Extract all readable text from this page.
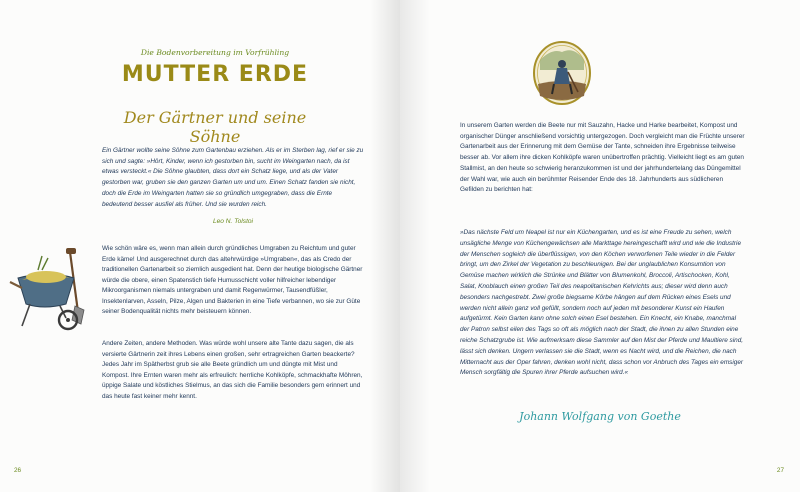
Die Bodenvorbereitung im Vorfrühling
MUTTER ERDE
Der Gärtner und seine Söhne

Ein Gärtner wollte seine Söhne zum Gartenbau erziehen. Als er im Sterben lag, rief er sie zu sich und sagte: »Hört, Kinder, wenn ich gestorben bin, sucht im Weingarten nach, da ist etwas versteckt.« Die Söhne glaubten, dass dort ein Schatz liege, und als der Vater gestorben war, gruben sie den ganzen Garten um und um. Einen Schatz fanden sie nicht, doch die Erde im Weingarten hatten sie so gründlich umgegraben, dass die Ernte bedeutend besser ausfiel als früher. Und sie wurden reich.

Leo N. Tolstoi

Wie schön wäre es, wenn man allein durch gründliches Umgraben zu Reichtum und guter Erde käme! Und ausgerechnet durch das altehrwürdige »Umgraben«, das als Credo der traditionellen Gartenarbeit so ziemlich ausgedient hat. Denn der heutige biologische Gärtner würde die obere, einen Spatenstich tiefe Humusschicht voller hilfreicher lebendiger Mikroorganismen niemals untergraben und damit Regenwürmer, Tausendfüßler, Insektenlarven, Asseln, Pilze, Algen und Bakterien in eine Tiefe verbannen, wo sie zur Güte seiner Bodenqualität nichts mehr beisteuern können.

Andere Zeiten, andere Methoden. Was würde wohl unsere alte Tante dazu sagen, die als versierte Gärtnerin zeit ihres Lebens einen großen, sehr ertragreichen Garten beackerte? Jedes Jahr im Spätherbst grub sie alle Beete gründlich um und düngte mit Mist und Kompost. Ihre Ernten waren mehr als erfreulich: herrliche Kohlköpfe, schmackhafte Möhren, üppige Salate und köstliches Stielmus, an das sich die Familie besonders gern erinnert und das heute fast keiner mehr kennt.

26

In unserem Garten werden die Beete nur mit Sauzahn, Hacke und Harke bearbeitet, Kompost und organischer Dünger anschließend vorsichtig untergezogen. Doch vergleicht man die Früchte unserer Gartenarbeit aus der Erinnerung mit dem Gemüse der Tante, schneiden ihre Ergebnisse teilweise besser ab. Vor allem ihre dicken Kohlköpfe waren unübertroffen prächtig. Vielleicht liegt es am guten Stallmist, an den heute so schwierig heranzukommen ist und der jahrhundertelang das Düngemittel der Wahl war, wie auch ein berühmter Reisender Ende des 18. Jahrhunderts aus südlicheren Gefilden zu berichten hat:

»Das nächste Feld um Neapel ist nur ein Küchengarten, und es ist eine Freude zu sehen, welch unsägliche Menge von Küchengewächsen alle Markttage hereingeschafft wird und wie die Industrie der Menschen sogleich die überflüssigen, von den Köchen verworfenen Teile wieder in die Felder bringt, um den Zirkel der Vegetation zu beschleunigen. Bei der unglaublichen Konsumtion von Gemüse machen wirklich die Strünke und Blätter von Blumenkohl, Broccoli, Artischocken, Kohl, Salat, Knoblauch einen großen Teil des neapolitanischen Kehrichts aus; dieser wird denn auch besonders nachgestrebt. Zwei große biegsame Körbe hängen auf dem Rücken eines Esels und werden nicht allein ganz voll gefüllt, sondern noch auf jeden mit besonderer Kunst ein Haufen aufgetürmt. Kein Garten kann ohne solch einen Esel bestehen. Ein Knecht, ein Knabe, manchmal der Patron selbst eilen des Tags so oft als möglich nach der Stadt, die ihnen zu allen Stunden eine reiche Schatzgrube ist. Wie aufmerksam diese Sammler auf den Mist der Pferde und Maultiere sind, lässt sich denken. Ungern verlassen sie die Stadt, wenn es Nacht wird, und die Reichen, die nach Mitternacht aus der Oper fahren, denken wohl nicht, dass schon vor Anbruch des Tages ein emsiger Mensch sorgfältig die Spuren ihrer Pferde aufsuchen wird.«

Johann Wolfgang von Goethe
27
